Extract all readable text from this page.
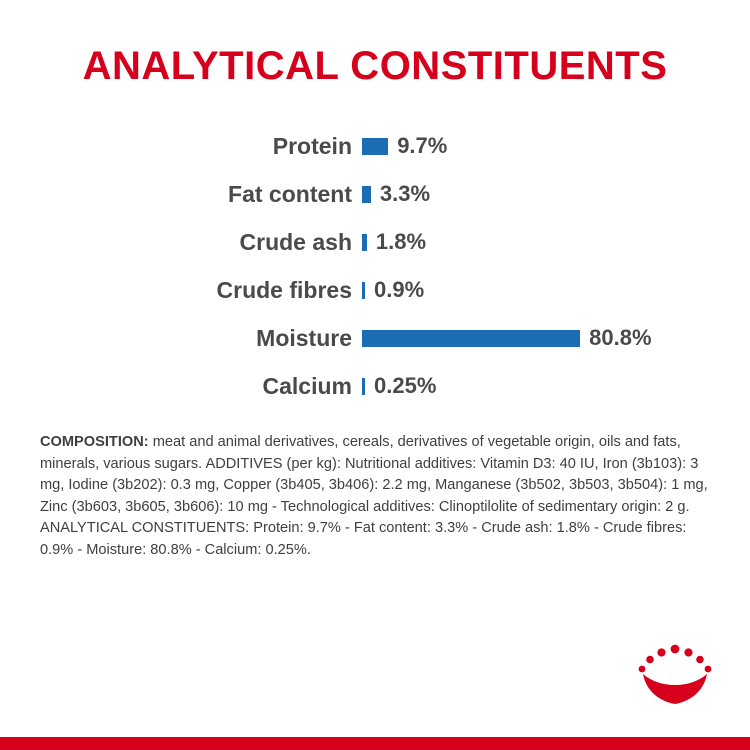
ANALYTICAL CONSTITUENTS
Protein	9.7%
Fat content	3.3%
Crude ash	1.8%
Crude fibres	0.9%
Moisture	80.8%
Calcium	0.25%
COMPOSITION: meat and animal derivatives, cereals, derivatives of vegetable origin, oils and fats, minerals, various sugars. ADDITIVES (per kg): Nutritional additives: Vitamin D3: 40 IU, Iron (3b103): 3 mg, Iodine (3b202): 0.3 mg, Copper (3b405, 3b406): 2.2 mg, Manganese (3b502, 3b503, 3b504): 1 mg, Zinc (3b603, 3b605, 3b606): 10 mg - Technological additives: Clinoptilolite of sedimentary origin: 2 g. ANALYTICAL CONSTITUENTS: Protein: 9.7% - Fat content: 3.3% - Crude ash: 1.8% - Crude fibres: 0.9% - Moisture: 80.8% - Calcium: 0.25%.
